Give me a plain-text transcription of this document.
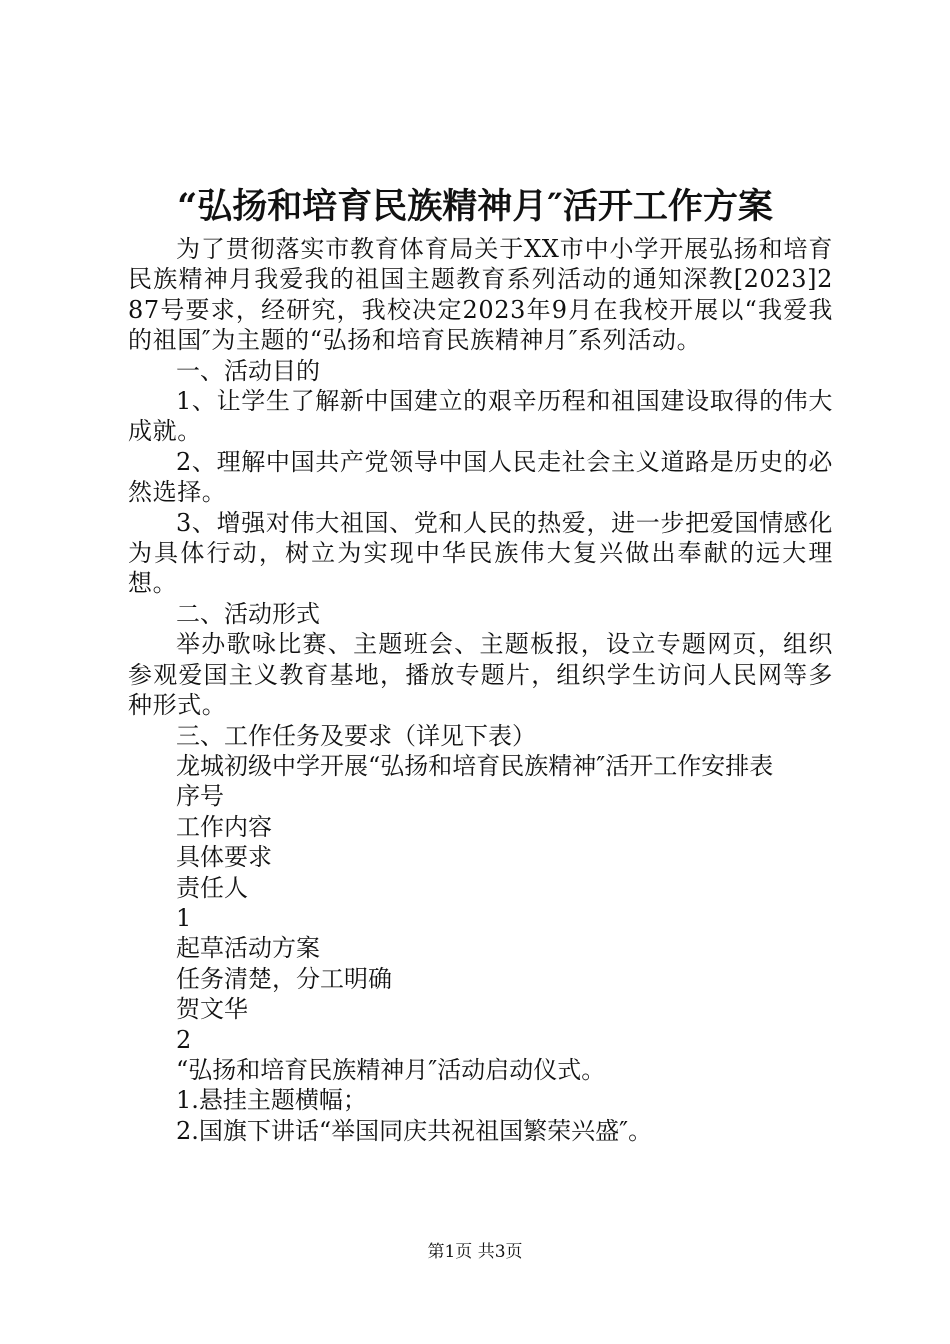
“弘扬和培育民族精神月″活开工作方案

为了贯彻落实市教育体育局关于XX市中小学开展弘扬和培育民族精神月我爱我的祖国主题教育系列活动的通知深教[2023]287号要求，经研究，我校决定2023年9月在我校开展以“我爱我的祖国″为主题的“弘扬和培育民族精神月″系列活动。

一、活动目的

1、让学生了解新中国建立的艰辛历程和祖国建设取得的伟大成就。

2、理解中国共产党领导中国人民走社会主义道路是历史的必然选择。

3、增强对伟大祖国、党和人民的热爱，进一步把爱国情感化为具体行动，树立为实现中华民族伟大复兴做出奉献的远大理想。

二、活动形式

举办歌咏比赛、主题班会、主题板报，设立专题网页，组织参观爱国主义教育基地，播放专题片，组织学生访问人民网等多种形式。

三、工作任务及要求（详见下表）

龙城初级中学开展“弘扬和培育民族精神″活开工作安排表

序号

工作内容

具体要求

责任人

1

起草活动方案

任务清楚，分工明确

贺文华

2

“弘扬和培育民族精神月″活动启动仪式。

1.悬挂主题横幅；

2.国旗下讲话“举国同庆共祝祖国繁荣兴盛″。

第1页 共3页
